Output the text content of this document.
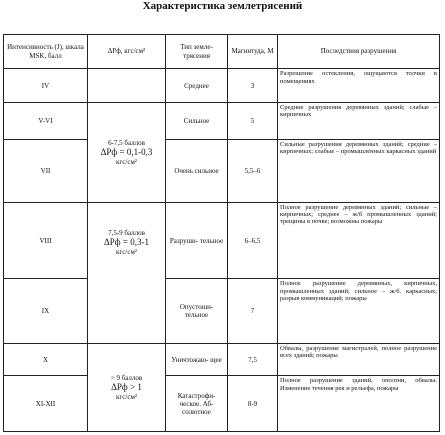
Характеристика землетрясений
Интенсивность (J), шкала MSK, балл	ΔPф, кгс/см²	Тип земле- трясения	Магнитуда, М	Последствия разрушения
IV		Среднее	3	Разрешение остекления, ощущаются толчки в помещениях
V-VI	6-7,5 баллов
ΔPф = 0,1-0,3
кгс/см²	Сильное	5	Средние разрушения деревянных зданий; слабые – кирпичных
VII		Очень сильное	5,5–6	Сильные разрушения деревянных зданий; средние – кирпичных; слабые – промышленных каркасных зданий
VIII	7,5-9 баллов
ΔPф = 0,3-1
кгс/см²	Разруши- тельное	6–6,5	Полное разрушение деревянных зданий; сильные – кирпичных; среднее – ж/б промышленных зданий; трещины в почве; возможны пожары
IX		Опустоши- тельное	7	Полное разрушение деревянных, кирпичных, промышленных зданий; сильное – ж/б. каркасных; разрыв коммуникаций; пожары
X	> 9 баллов
ΔPф > 1
кгс/см²	Уничтожаю- щее	7,5	Обвалы, разрушение магистралей, полное разрушение всех зданий; пожары
XI-XII		Катастрофи- ческое. Аб- солютное	8-9	Полное разрушение зданий, оползни, обвалы. Изменение течения рек и рельефа, пожары
